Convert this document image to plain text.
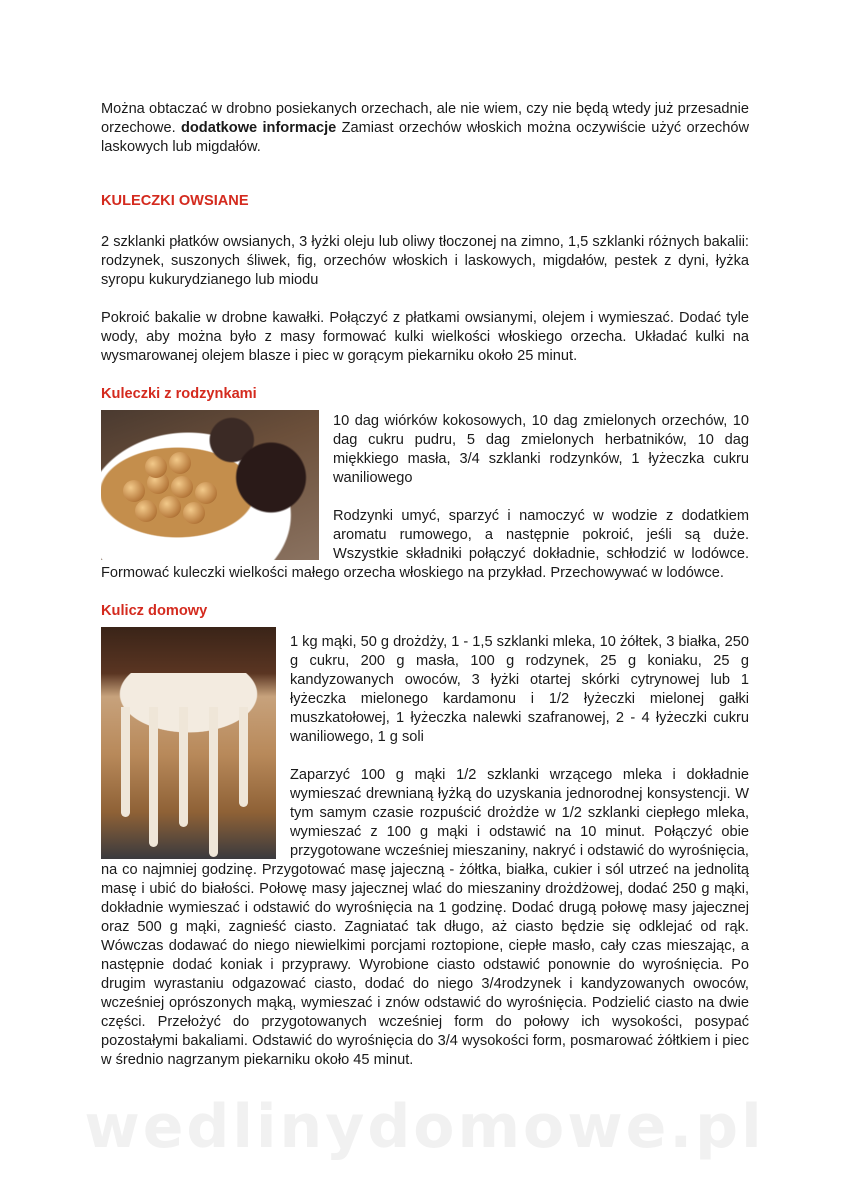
Można obtaczać w drobno posiekanych orzechach, ale nie wiem, czy nie będą wtedy już przesadnie orzechowe. dodatkowe informacje Zamiast orzechów włoskich można oczywiście użyć orzechów laskowych lub migdałów.

KULECZKI OWSIANE

2 szklanki płatków owsianych, 3 łyżki oleju lub oliwy tłoczonej na zimno, 1,5 szklanki różnych bakalii: rodzynek, suszonych śliwek, fig, orzechów włoskich i laskowych, migdałów, pestek z dyni, łyżka syropu kukurydzianego lub miodu

Pokroić bakalie w drobne kawałki. Połączyć z płatkami owsianymi, olejem i wymieszać. Dodać tyle wody, aby można było z masy formować kulki wielkości włoskiego orzecha. Układać kulki na wysmarowanej olejem blasze i piec w gorącym piekarniku około 25 minut.

Kuleczki z rodzynkami

10 dag wiórków kokosowych, 10 dag zmielonych orzechów, 10 dag cukru pudru, 5 dag zmielonych herbatników, 10 dag miękkiego masła, 3/4 szklanki rodzynków, 1 łyżeczka cukru waniliowego

Rodzynki umyć, sparzyć i namoczyć w wodzie z dodatkiem aromatu rumowego, a następnie pokroić, jeśli są duże. Wszystkie składniki połączyć dokładnie, schłodzić w lodówce. Formować kuleczki wielkości małego orzecha włoskiego na przykład. Przechowywać w lodówce.

Kulicz domowy

1 kg mąki, 50 g drożdży, 1 - 1,5 szklanki mleka, 10 żółtek, 3 białka, 250 g cukru, 200 g masła, 100 g rodzynek, 25 g koniaku, 25 g kandyzowanych owoców, 3 łyżki otartej skórki cytrynowej lub 1 łyżeczka mielonego kardamonu i 1/2 łyżeczki mielonej gałki muszkatołowej, 1 łyżeczka nalewki szafranowej, 2 - 4 łyżeczki cukru waniliowego, 1 g soli

Zaparzyć 100 g mąki 1/2 szklanki wrzącego mleka i dokładnie wymieszać drewnianą łyżką do uzyskania jednorodnej konsystencji. W tym samym czasie rozpuścić drożdże w 1/2 szklanki ciepłego mleka, wymieszać z 100 g mąki i odstawić na 10 minut. Połączyć obie przygotowane wcześniej mieszaniny, nakryć i odstawić do wyrośnięcia, na co najmniej godzinę. Przygotować masę jajeczną - żółtka, białka, cukier i sól utrzeć na jednolitą masę i ubić do białości. Połowę masy jajecznej wlać do mieszaniny drożdżowej, dodać 250 g mąki, dokładnie wymieszać i odstawić do wyrośnięcia na 1 godzinę. Dodać drugą połowę masy jajecznej oraz 500 g mąki, zagnieść ciasto. Zagniatać tak długo, aż ciasto będzie się odklejać od rąk. Wówczas dodawać do niego niewielkimi porcjami roztopione, ciepłe masło, cały czas mieszając, a następnie dodać koniak i przyprawy. Wyrobione ciasto odstawić ponownie do wyrośnięcia. Po drugim wyrastaniu odgazować ciasto, dodać do niego 3/4rodzynek i kandyzowanych owoców, wcześniej oprószonych mąką, wymieszać i znów odstawić do wyrośnięcia. Podzielić ciasto na dwie części. Przełożyć do przygotowanych wcześniej form do połowy ich wysokości, posypać pozostałymi bakaliami. Odstawić do wyrośnięcia do 3/4 wysokości form, posmarować żółtkiem i piec w średnio nagrzanym piekarniku około 45 minut.

wedlinydomowe.pl
